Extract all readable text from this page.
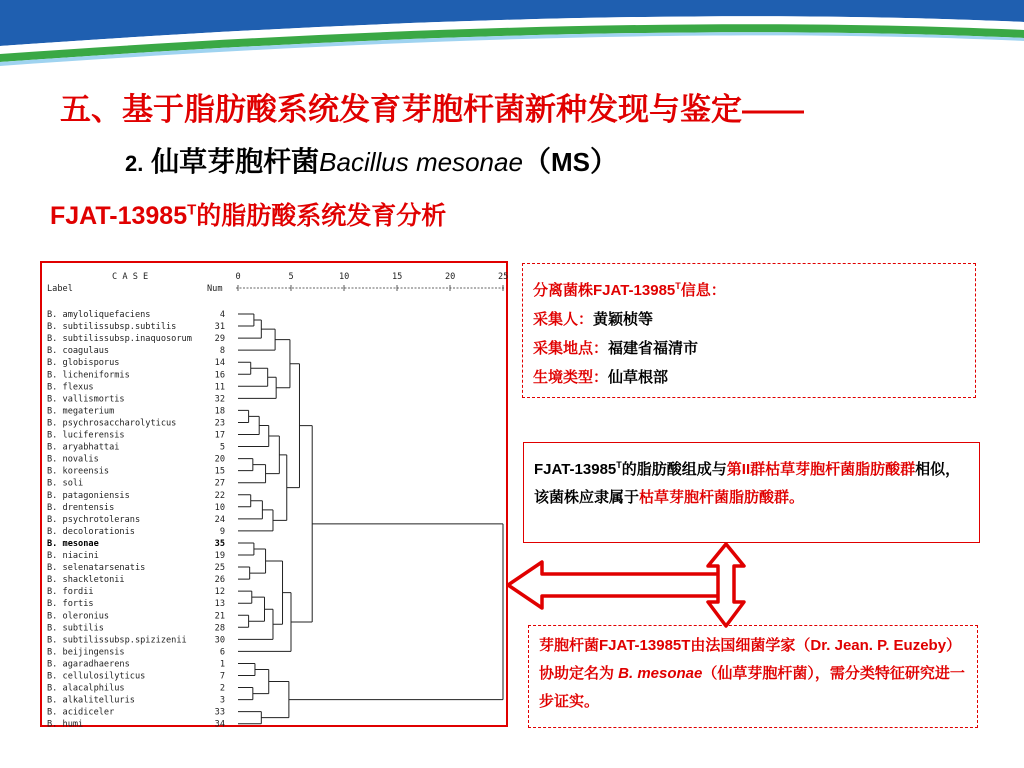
五、基于脂肪酸系统发育芽胞杆菌新种发现与鉴定——
2. 仙草芽胞杆菌Bacillus mesonae（MS）
FJAT-$13985^T$的脂肪酸系统发育分析
C A S E
Label	Num
0	5	10	15	20	25
B. amyloliquefaciens	4
B. subtilissubsp.subtilis	31
B. subtilissubsp.inaquosorum	29
B. coagulaus	8
B. globisporus	14
B. licheniformis	16
B. flexus	11
B. vallismortis	32
B. megaterium	18
B. psychrosaccharolyticus	23
B. luciferensis	17
B. aryabhattai	5
B. novalis	20
B. koreensis	15
B. soli	27
B. patagoniensis	22
B. drentensis	10
B. psychrotolerans	24
B. decolorationis	9
B. mesonae	35
B. niacini	19
B. selenatarsenatis	25
B. shackletonii	26
B. fordii	12
B. fortis	13
B. oleronius	21
B. subtilis	28
B. subtilissubsp.spizizenii	30
B. beijingensis	6
B. agaradhaerens	1
B. cellulosilyticus	7
B. alacalphilus	2
B. alkalitelluris	3
B. acidiceler	33
B. humi	34
分离菌株FJAT-$13985^T$信息：
采集人：黄颖桢等
采集地点：福建省福清市
生境类型：仙草根部

FJAT-$13985^T$的脂肪酸组成与第II群枯草芽胞杆菌脂肪酸群相似，该菌株应隶属于枯草芽胞杆菌脂肪酸群。

芽胞杆菌FJAT-13985T由法国细菌学家（Dr. Jean. P. Euzeby）协助定名为 B. mesonae（仙草芽胞杆菌），需分类特征研究进一步证实。
